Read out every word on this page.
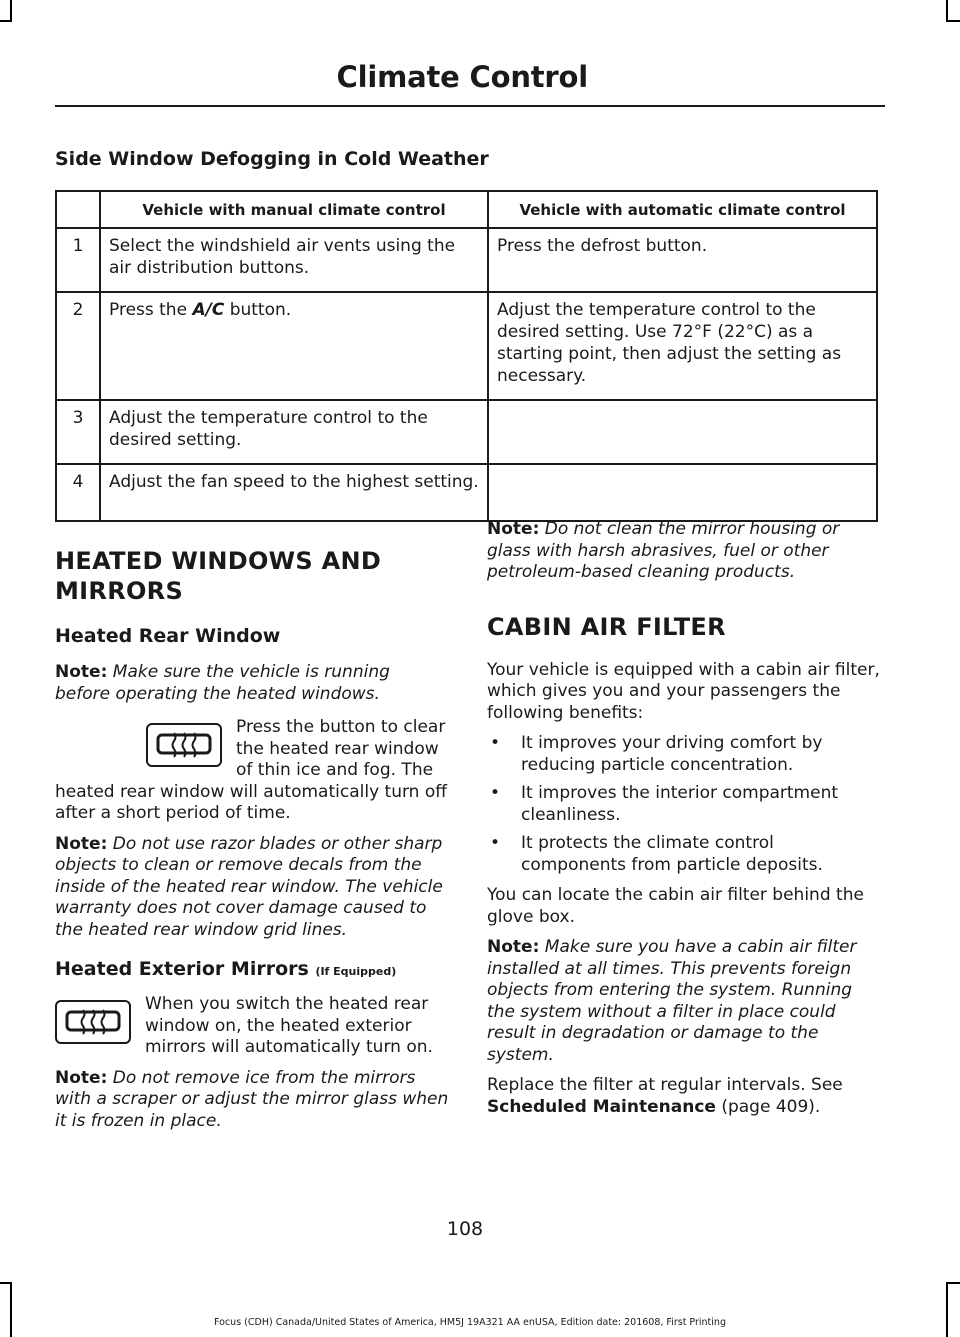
Climate Control
Side Window Defogging in Cold Weather
	Vehicle with manual climate control	Vehicle with automatic climate control
1	Select the windshield air vents using the air distribution buttons.	Press the defrost button.
2	Press the A/C button.	Adjust the temperature control to the desired setting. Use 72°F (22°C) as a starting point, then adjust the setting as necessary.
3	Adjust the temperature control to the desired setting.	
4	Adjust the fan speed to the highest setting.	
HEATED WINDOWS AND
MIRRORS
Heated Rear Window

Note: Make sure the vehicle is running before operating the heated windows.

Press the button to clear the heated rear window of thin ice and fog. The heated rear window will automatically turn off after a short period of time.

Note: Do not use razor blades or other sharp objects to clean or remove decals from the inside of the heated rear window. The vehicle warranty does not cover damage caused to the heated rear window grid lines.

Heated Exterior Mirrors (If Equipped)

When you switch the heated rear window on, the heated exterior mirrors will automatically turn on.

Note: Do not remove ice from the mirrors with a scraper or adjust the mirror glass when it is frozen in place.

Note: Do not clean the mirror housing or glass with harsh abrasives, fuel or other petroleum-based cleaning products.

CABIN AIR FILTER

Your vehicle is equipped with a cabin air filter, which gives you and your passengers the following benefits:

• It improves your driving comfort by reducing particle concentration.
• It improves the interior compartment cleanliness.
• It protects the climate control components from particle deposits.

You can locate the cabin air filter behind the glove box.

Note: Make sure you have a cabin air filter installed at all times. This prevents foreign objects from entering the system. Running the system without a filter in place could result in degradation or damage to the system.

Replace the filter at regular intervals. See Scheduled Maintenance (page 409).

108
Focus (CDH) Canada/United States of America, HM5J 19A321 AA enUSA, Edition date: 201608, First Printing
